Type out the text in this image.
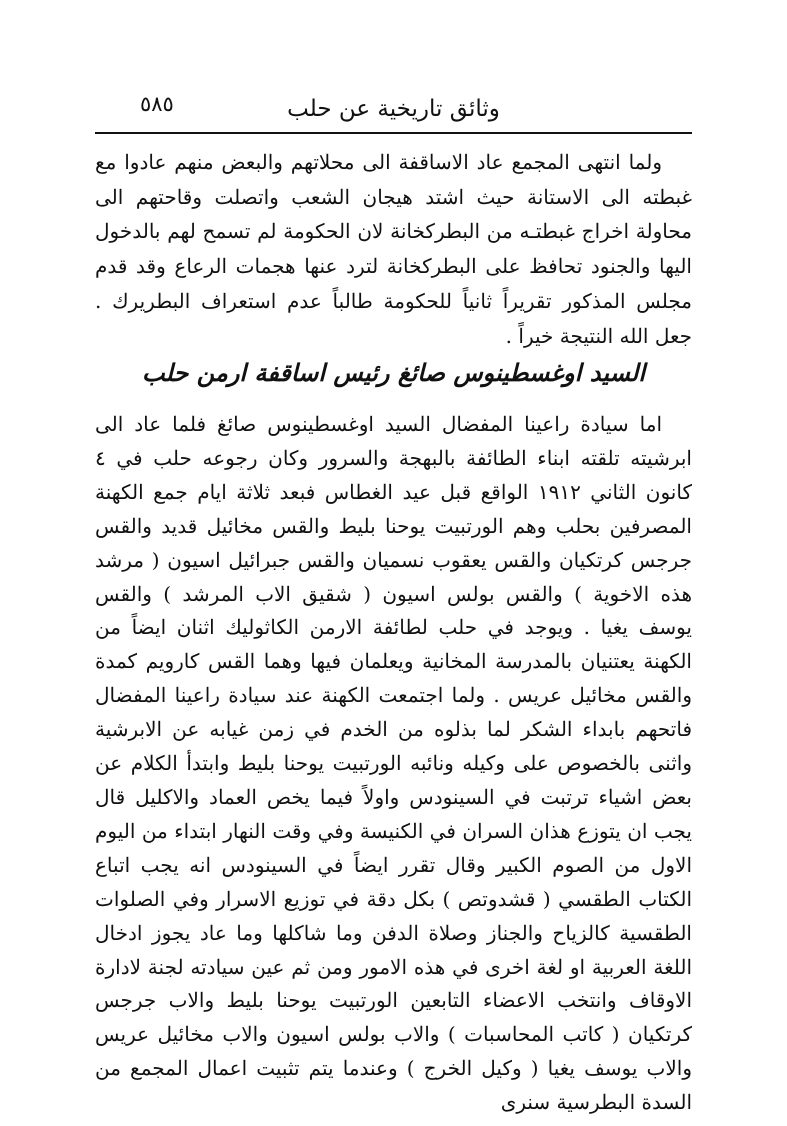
وثائق تاريخية عن حلب
٥٨٥

ولما انتهى المجمع عاد الاساقفة الى محلاتهم والبعض منهم عادوا مع غبطته الى الاستانة حيث اشتد هيجان الشعب واتصلت وقاحتهم الى محاولة اخراج غبطتـه من البطركخانة لان الحكومة لم تسمح لهم بالدخول اليها والجنود تحافظ على البطركخانة لترد عنها هجمات الرعاع وقد قدم مجلس المذكور تقريراً ثانياً للحكومة طالباً عدم استعراف البطريرك . جعل الله النتيجة خيراً .

السيد اوغسطينوس صائغ رئيس اساقفة ارمن حلب

اما سيادة راعينا المفضال السيد اوغسطينوس صائغ فلما عاد الى ابرشيته تلقته ابناء الطائفة بالبهجة والسرور وكان رجوعه حلب في ٤ كانون الثاني ١٩١٢ الواقع قبل عيد الغطاس فبعد ثلاثة ايام جمع الكهنة المصرفين بحلب وهم الورتبيت يوحنا بليط والقس مخائيل قديد والقس جرجس كرتكيان والقس يعقوب نسميان والقس جبرائيل اسيون ( مرشد هذه الاخوية ) والقس بولس اسيون ( شقيق الاب المرشد ) والقس يوسف يغيا . ويوجد في حلب لطائفة الارمن الكاثوليك اثنان ايضاً من الكهنة يعتنيان بالمدرسة المخانية ويعلمان فيها وهما القس كارويم كمدة والقس مخائيل عريس . ولما اجتمعت الكهنة عند سيادة راعينا المفضال فاتحهم بابداء الشكر لما بذلوه من الخدم في زمن غيابه عن الابرشية واثنى بالخصوص على وكيله ونائبه الورتبيت يوحنا بليط وابتدأ الكلام عن بعض اشياء ترتبت في السينودس واولاً فيما يخص العماد والاكليل قال يجب ان يتوزع هذان السران في الكنيسة وفي وقت النهار ابتداء من اليوم الاول من الصوم الكبير وقال تقرر ايضاً في السينودس انه يجب اتباع الكتاب الطقسي ( قشدوتص ) بكل دقة في توزيع الاسرار وفي الصلوات الطقسية كالزياح والجناز وصلاة الدفن وما شاكلها وما عاد يجوز ادخال اللغة العربية او لغة اخرى في هذه الامور ومن ثم عين سيادته لجنة لادارة الاوقاف وانتخب الاعضاء التابعين الورتبيت يوحنا بليط والاب جرجس كرتكيان ( كاتب المحاسبات ) والاب بولس اسيون والاب مخائيل عريس والاب يوسف يغيا ( وكيل الخرج ) وعندما يتم تثبيت اعمال المجمع من السدة البطرسية سنرى
